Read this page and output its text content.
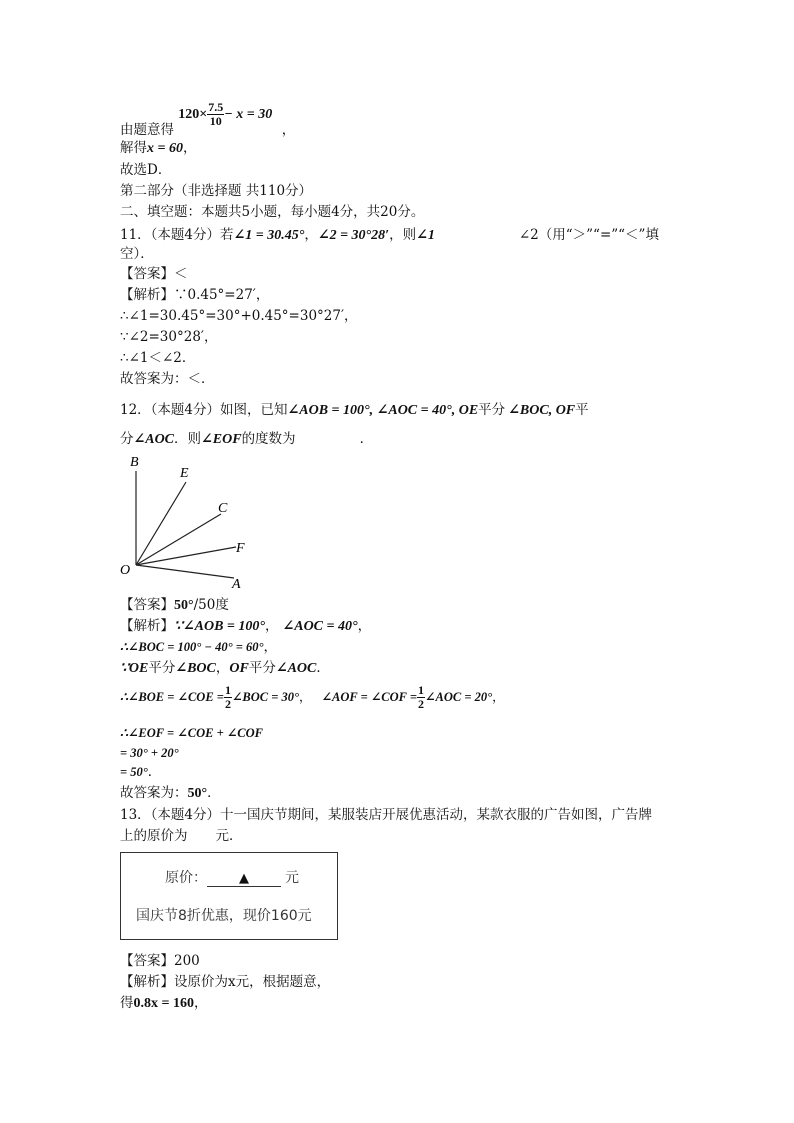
由题意得 $120\times \frac{7.5}{10} - x = 30$ ，
解得x = 60，
故选D．
第二部分（非选择题 共110分）
二、填空题：本题共5小题，每小题4分，共20分。
11．（本题4分）若∠1 = 30.45°，∠2 = 30°28′，则∠1	∠2（用“＞”“=”“＜”填
空）．
【答案】＜
【解析】∵0.45°=27′，
∴∠1=30.45°=30°+0.45°=30°27′，
∵∠2=30°28′，
∴∠1＜∠2．
故答案为：＜．
12．（本题4分）如图，已知∠AOB = 100°, ∠AOC = 40°, OE平分 ∠BOC, OF平
分∠AOC．则∠EOF的度数为	．
B
E
C
F
O
A
【答案】50°/50度
【解析】∵∠AOB = 100°， ∠AOC = 40°，
∴∠BOC = 100° − 40° = 60°，
∵OE平分∠BOC，OF平分∠AOC．
∴∠BOE = ∠COE = $\frac{1}{2}$ ∠BOC = 30°， ∠AOF = ∠COF = $\frac{1}{2}$ ∠AOC = 20°，
∴∠EOF = ∠COE + ∠COF
= 30° + 20°
= 50°．
故答案为：50°．
13．（本题4分）十一国庆节期间，某服装店开展优惠活动，某款衣服的广告如图，广告牌
上的原价为 元．
原价： ▲	元
国庆节8折优惠，现价160元
【答案】200
【解析】设原价为x元，根据题意，
得0.8x = 160，
